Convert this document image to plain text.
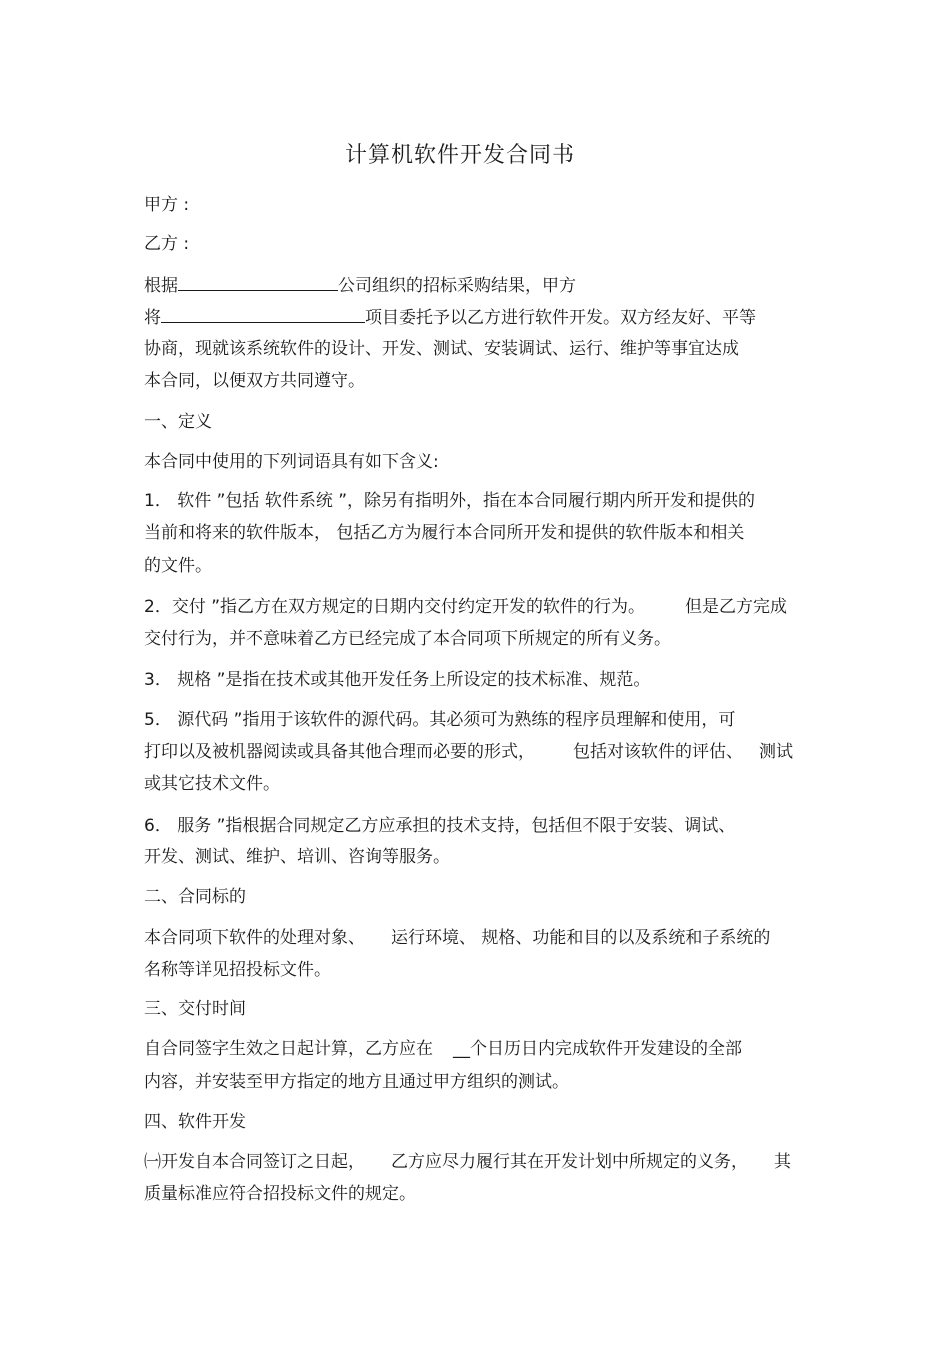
计算机软件开发合同书
甲方 :
乙方 :
根据	公司组织的招标采购结果，甲方
将	项目委托予以乙方进行软件开发。双方经友好、平等
协商，现就该系统软件的设计、开发、测试、安装调试、运行、维护等事宜达成
本合同，以便双方共同遵守。
一、定义
本合同中使用的下列词语具有如下含义:
1． 软件 ”包括 软件系统 ”，除另有指明外，指在本合同履行期内所开发和提供的
当前和将来的软件版本， 包括乙方为履行本合同所开发和提供的软件版本和相关
的文件。
2．交付 ”指乙方在双方规定的日期内交付约定开发的软件的行为。 但是乙方完成
交付行为，并不意味着乙方已经完成了本合同项下所规定的所有义务。
3． 规格 ”是指在技术或其他开发任务上所设定的技术标准、规范。
5． 源代码 ”指用于该软件的源代码。其必须可为熟练的程序员理解和使用，可
打印以及被机器阅读或具备其他合理而必要的形式， 包括对该软件的评估、 测试
或其它技术文件。
6． 服务 ”指根据合同规定乙方应承担的技术支持，包括但不限于安装、调试、
开发、测试、维护、培训、咨询等服务。
二、合同标的
本合同项下软件的处理对象、 运行环境、 规格、功能和目的以及系统和子系统的
名称等详见招投标文件。
三、交付时间
自合同签字生效之日起计算，乙方应在 __个日历日内完成软件开发建设的全部
内容，并安装至甲方指定的地方且通过甲方组织的测试。
四、软件开发
㈠开发自本合同签订之日起， 乙方应尽力履行其在开发计划中所规定的义务， 其
质量标准应符合招投标文件的规定。
